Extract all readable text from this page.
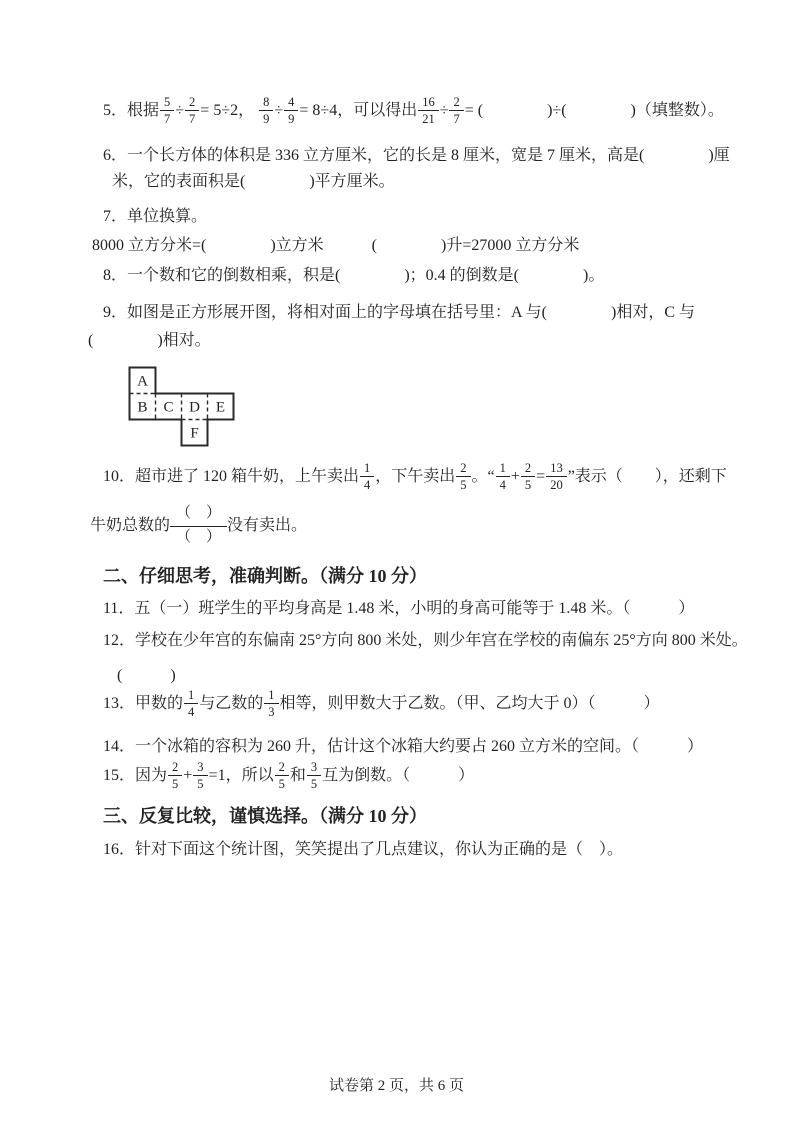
5．根据 $\frac{5}{7} \div \frac{2}{7} = 5\div 2$， $\frac{8}{9} \div \frac{4}{9} = 8\div 4$，可以得出 $\frac{16}{21} \div \frac{2}{7}$ = (　　　　)÷(　　　　)（填整数）。
6．一个长方体的体积是 336 立方厘米，它的长是 8 厘米，宽是 7 厘米，高是(　　　　)厘
米，它的表面积是(　　　　)平方厘米。
7．单位换算。
8000 立方分米=(　　　　)立方米　　　(　　　　)升=27000 立方分米
8．一个数和它的倒数相乘，积是(　　　　)；0.4 的倒数是(　　　　)。
9．如图是正方形展开图，将相对面上的字母填在括号里：A 与(　　　　)相对，C 与
(　　　　)相对。
10．超市进了 120 箱牛奶，上午卖出 $\frac{1}{4}$ ，下午卖出 $\frac{2}{5}$ 。“ $\frac{1}{4} + \frac{2}{5} = \frac{13}{20}$ ”表示（　　），还剩下
牛奶总数的 $\frac{( )}{( )}$ 没有卖出。
二、仔细思考，准确判断。（满分 10 分）
11．五（一）班学生的平均身高是 1.48 米，小明的身高可能等于 1.48 米。（　　　）
12．学校在少年宫的东偏南 25°方向 800 米处，则少年宫在学校的南偏东 25°方向 800 米处。
(　　　)
13．甲数的 $\frac{1}{4}$ 与乙数的 $\frac{1}{3}$ 相等，则甲数大于乙数。（甲、乙均大于 0）（　　　）
14．一个冰箱的容积为 260 升，估计这个冰箱大约要占 260 立方米的空间。（　　　）
15．因为 $\frac{2}{5} + \frac{3}{5} =1$，所以 $\frac{2}{5}$ 和 $\frac{3}{5}$ 互为倒数。（　　　）
三、反复比较，谨慎选择。（满分 10 分）
16．针对下面这个统计图，笑笑提出了几点建议，你认为正确的是（　）。
A
B C D E
F
试卷第 2 页，共 6 页
